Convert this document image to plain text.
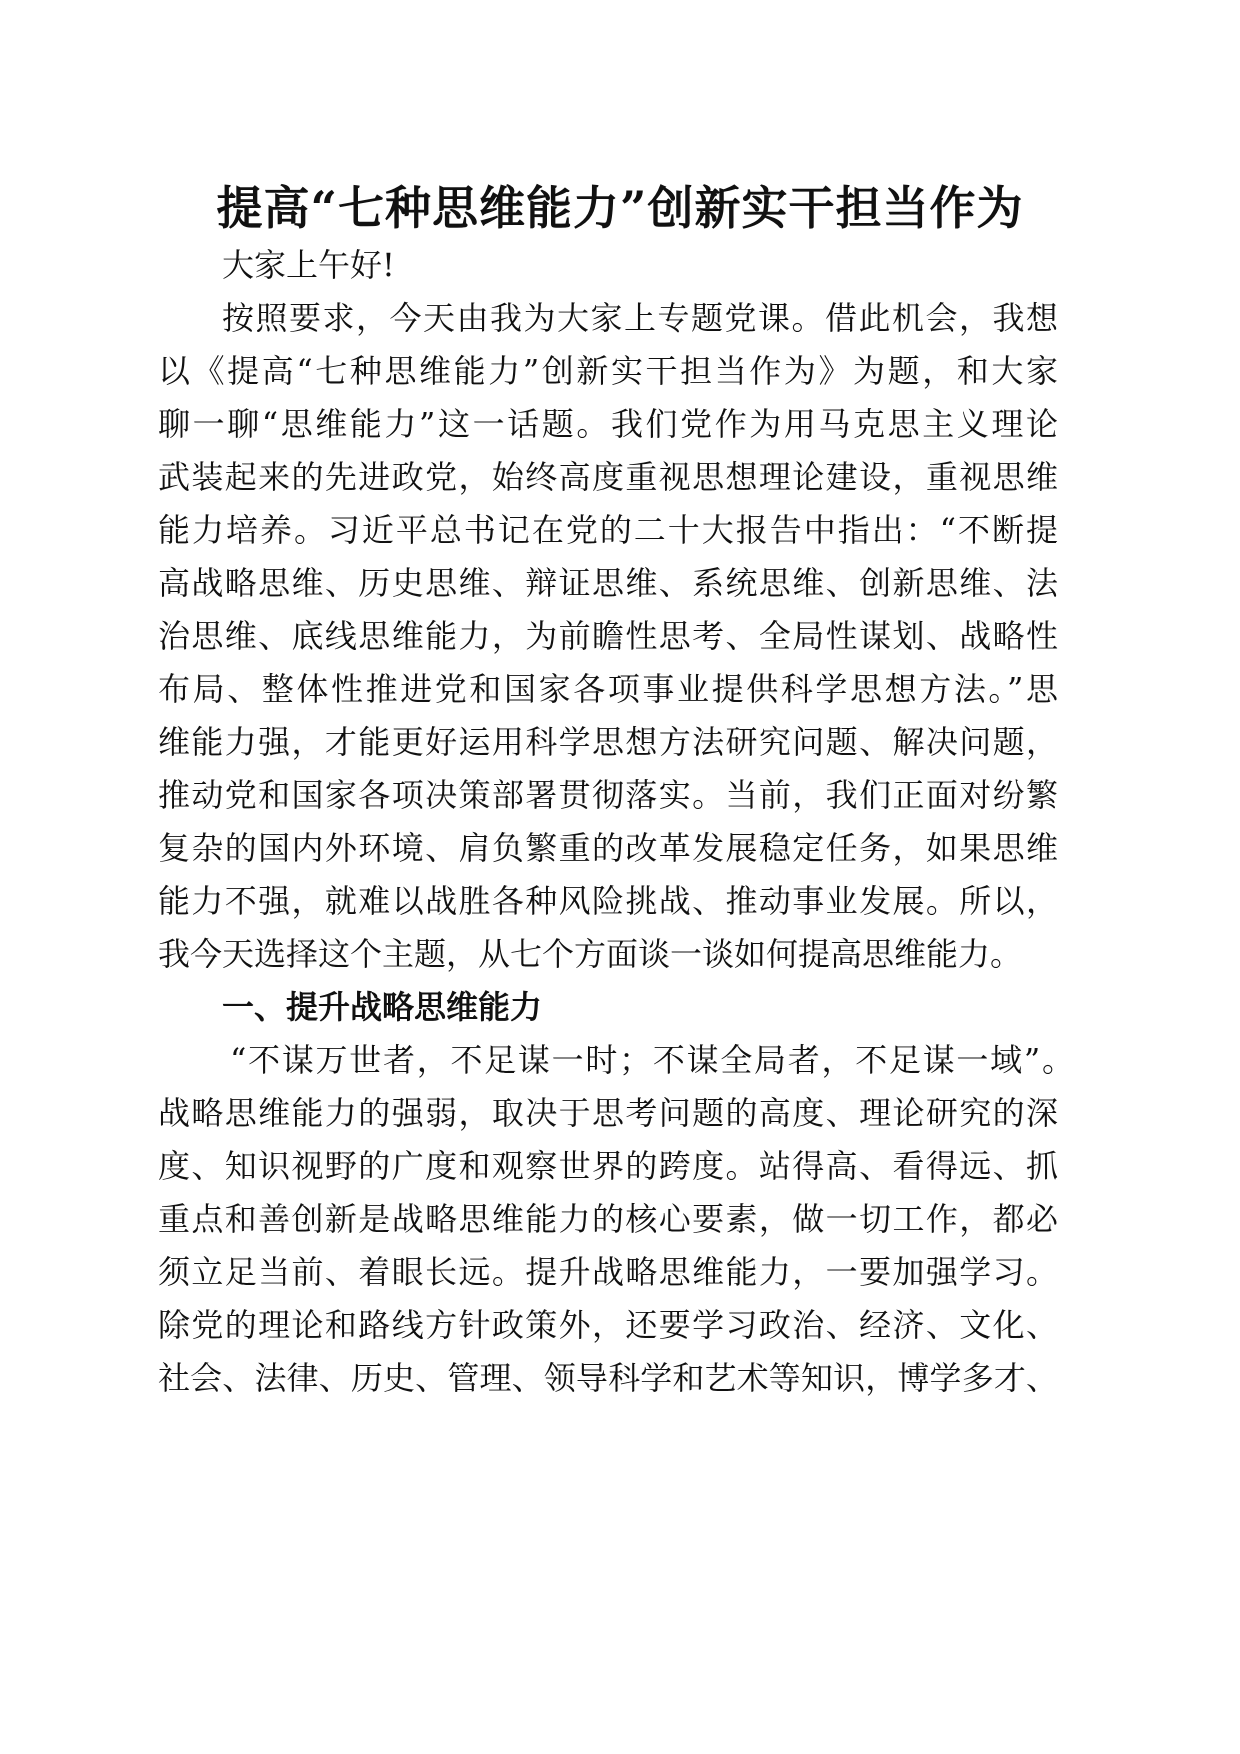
提高“七种思维能力”创新实干担当作为
大家上午好!
按照要求，今天由我为大家上专题党课。借此机会，我想
以《提高“七种思维能力”创新实干担当作为》为题，和大家
聊一聊“思维能力”这一话题。我们党作为用马克思主义理论
武装起来的先进政党，始终高度重视思想理论建设，重视思维
能力培养。习近平总书记在党的二十大报告中指出：“不断提
高战略思维、历史思维、辩证思维、系统思维、创新思维、法
治思维、底线思维能力，为前瞻性思考、全局性谋划、战略性
布局、整体性推进党和国家各项事业提供科学思想方法。”思
维能力强，才能更好运用科学思想方法研究问题、解决问题，
推动党和国家各项决策部署贯彻落实。当前，我们正面对纷繁
复杂的国内外环境、肩负繁重的改革发展稳定任务，如果思维
能力不强，就难以战胜各种风险挑战、推动事业发展。所以，
我今天选择这个主题，从七个方面谈一谈如何提高思维能力。
一、提升战略思维能力
“不谋万世者，不足谋一时；不谋全局者，不足谋一域”。
战略思维能力的强弱，取决于思考问题的高度、理论研究的深
度、知识视野的广度和观察世界的跨度。站得高、看得远、抓
重点和善创新是战略思维能力的核心要素，做一切工作，都必
须立足当前、着眼长远。提升战略思维能力，一要加强学习。
除党的理论和路线方针政策外，还要学习政治、经济、文化、
社会、法律、历史、管理、领导科学和艺术等知识，博学多才、
